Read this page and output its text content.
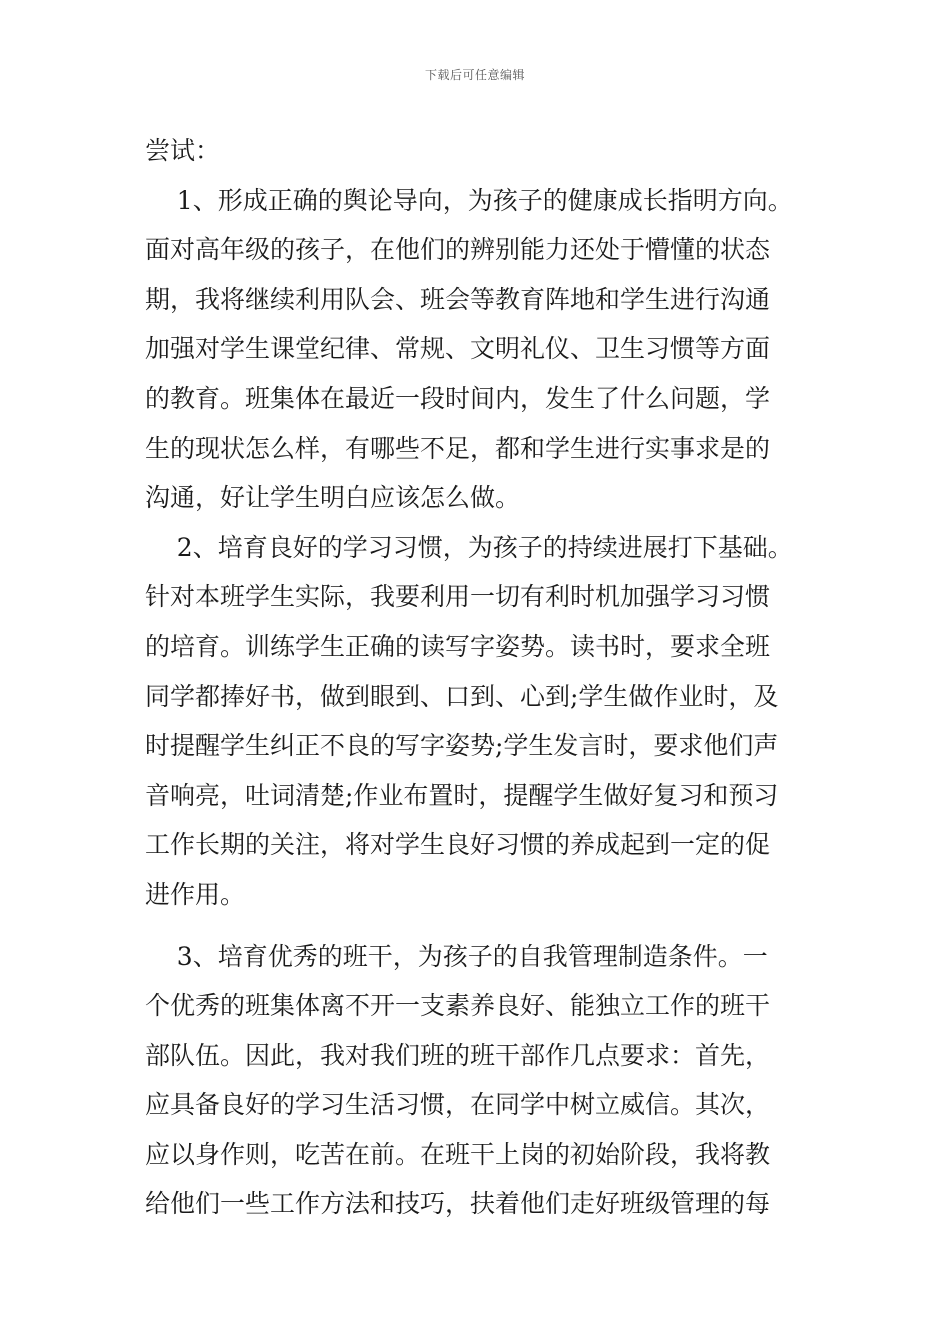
下载后可任意编辑
尝试：
1、形成正确的舆论导向，为孩子的健康成长指明方向。
面对高年级的孩子，在他们的辨别能力还处于懵懂的状态
期，我将继续利用队会、班会等教育阵地和学生进行沟通
加强对学生课堂纪律、常规、文明礼仪、卫生习惯等方面
的教育。班集体在最近一段时间内，发生了什么问题，学
生的现状怎么样，有哪些不足，都和学生进行实事求是的
沟通，好让学生明白应该怎么做。
2、培育良好的学习习惯，为孩子的持续进展打下基础。
针对本班学生实际，我要利用一切有利时机加强学习习惯
的培育。训练学生正确的读写字姿势。读书时，要求全班
同学都捧好书，做到眼到、口到、心到;学生做作业时，及
时提醒学生纠正不良的写字姿势;学生发言时，要求他们声
音响亮，吐词清楚;作业布置时，提醒学生做好复习和预习
工作长期的关注，将对学生良好习惯的养成起到一定的促
进作用。
3、培育优秀的班干，为孩子的自我管理制造条件。一
个优秀的班集体离不开一支素养良好、能独立工作的班干
部队伍。因此，我对我们班的班干部作几点要求：首先，
应具备良好的学习生活习惯，在同学中树立威信。其次，
应以身作则，吃苦在前。在班干上岗的初始阶段，我将教
给他们一些工作方法和技巧，扶着他们走好班级管理的每
